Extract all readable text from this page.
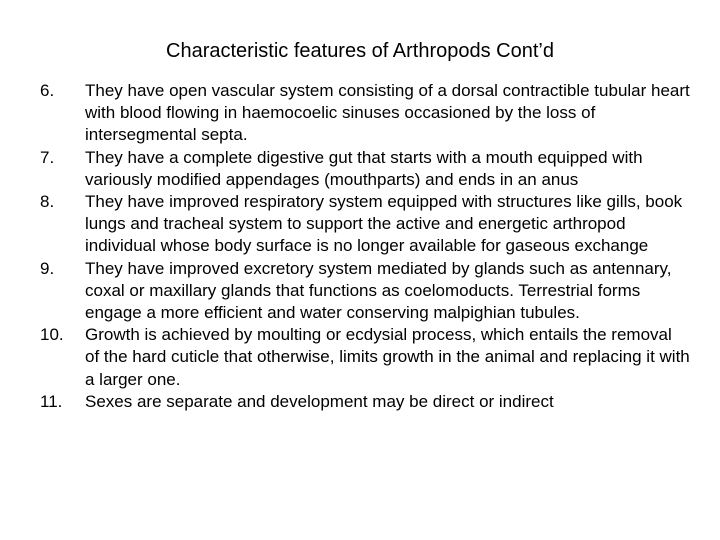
Characteristic features of Arthropods Cont’d
6.	They have open vascular system consisting of a dorsal contractible tubular heart with blood flowing in haemocoelic sinuses occasioned by the loss of intersegmental septa.
7.	They have a complete digestive gut that starts with a mouth equipped with variously modified appendages (mouthparts) and ends in an anus
8.	They have improved respiratory system equipped with structures like gills, book lungs and tracheal system to support the active and energetic arthropod individual whose body surface is no longer available for gaseous exchange
9.	They have improved excretory system mediated by glands such as antennary, coxal or maxillary glands that functions as coelomoducts. Terrestrial forms engage a more efficient and water conserving malpighian tubules.
10.	Growth is achieved by moulting or ecdysial process, which entails the removal of the hard cuticle that otherwise, limits growth in the animal and replacing it with a larger one.
11.	Sexes are separate and development may be direct or indirect
